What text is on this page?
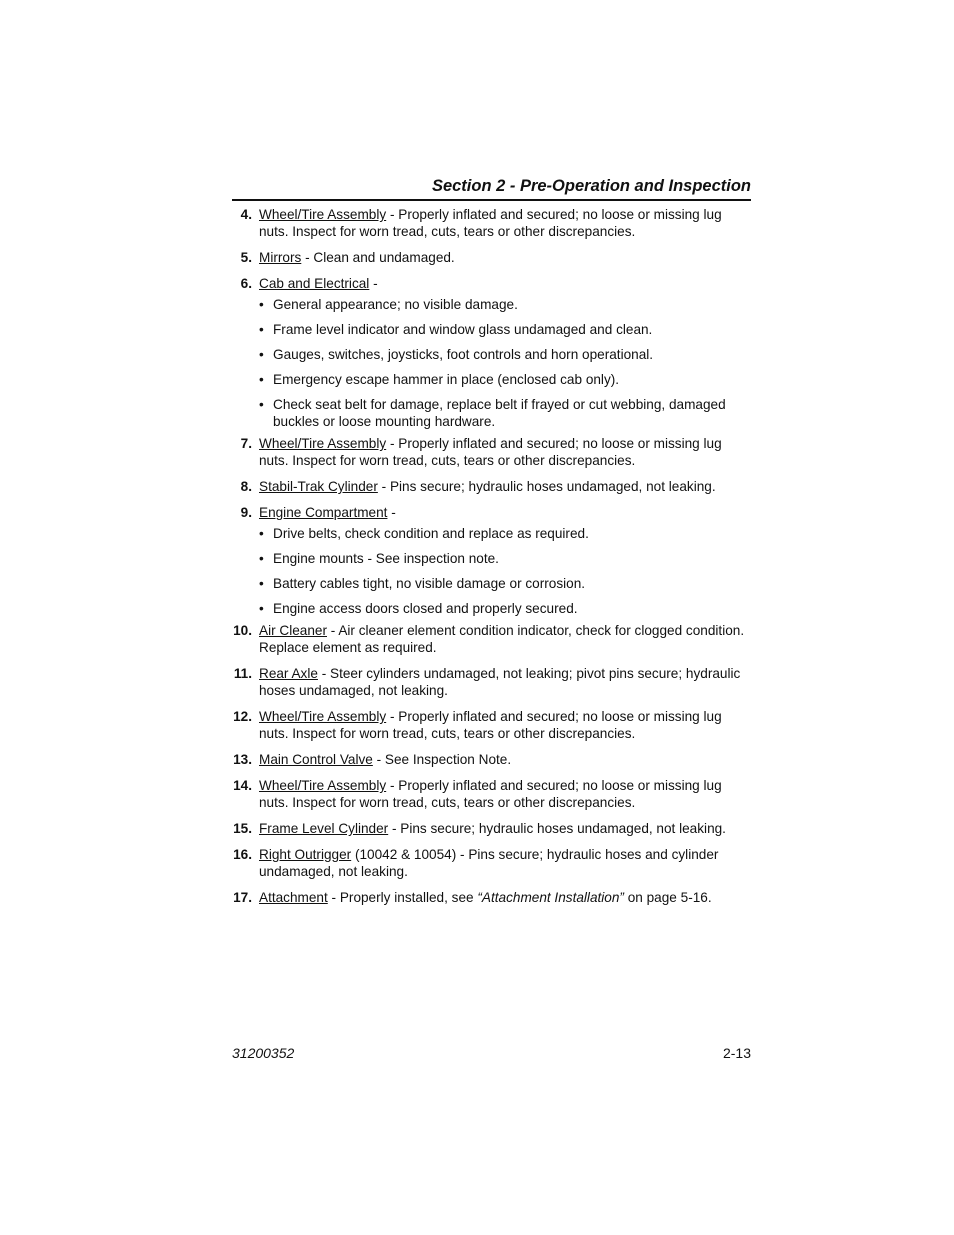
Section 2 - Pre-Operation and Inspection
4. Wheel/Tire Assembly - Properly inflated and secured; no loose or missing lug nuts. Inspect for worn tread, cuts, tears or other discrepancies.
5. Mirrors - Clean and undamaged.
6. Cab and Electrical -
• General appearance; no visible damage.
• Frame level indicator and window glass undamaged and clean.
• Gauges, switches, joysticks, foot controls and horn operational.
• Emergency escape hammer in place (enclosed cab only).
• Check seat belt for damage, replace belt if frayed or cut webbing, damaged buckles or loose mounting hardware.
7. Wheel/Tire Assembly - Properly inflated and secured; no loose or missing lug nuts. Inspect for worn tread, cuts, tears or other discrepancies.
8. Stabil-Trak Cylinder - Pins secure; hydraulic hoses undamaged, not leaking.
9. Engine Compartment -
• Drive belts, check condition and replace as required.
• Engine mounts - See inspection note.
• Battery cables tight, no visible damage or corrosion.
• Engine access doors closed and properly secured.
10. Air Cleaner - Air cleaner element condition indicator, check for clogged condition. Replace element as required.
11. Rear Axle - Steer cylinders undamaged, not leaking; pivot pins secure; hydraulic hoses undamaged, not leaking.
12. Wheel/Tire Assembly - Properly inflated and secured; no loose or missing lug nuts. Inspect for worn tread, cuts, tears or other discrepancies.
13. Main Control Valve - See Inspection Note.
14. Wheel/Tire Assembly - Properly inflated and secured; no loose or missing lug nuts. Inspect for worn tread, cuts, tears or other discrepancies.
15. Frame Level Cylinder - Pins secure; hydraulic hoses undamaged, not leaking.
16. Right Outrigger (10042 & 10054) - Pins secure; hydraulic hoses and cylinder undamaged, not leaking.
17. Attachment - Properly installed, see “Attachment Installation” on page 5-16.
31200352	2-13
